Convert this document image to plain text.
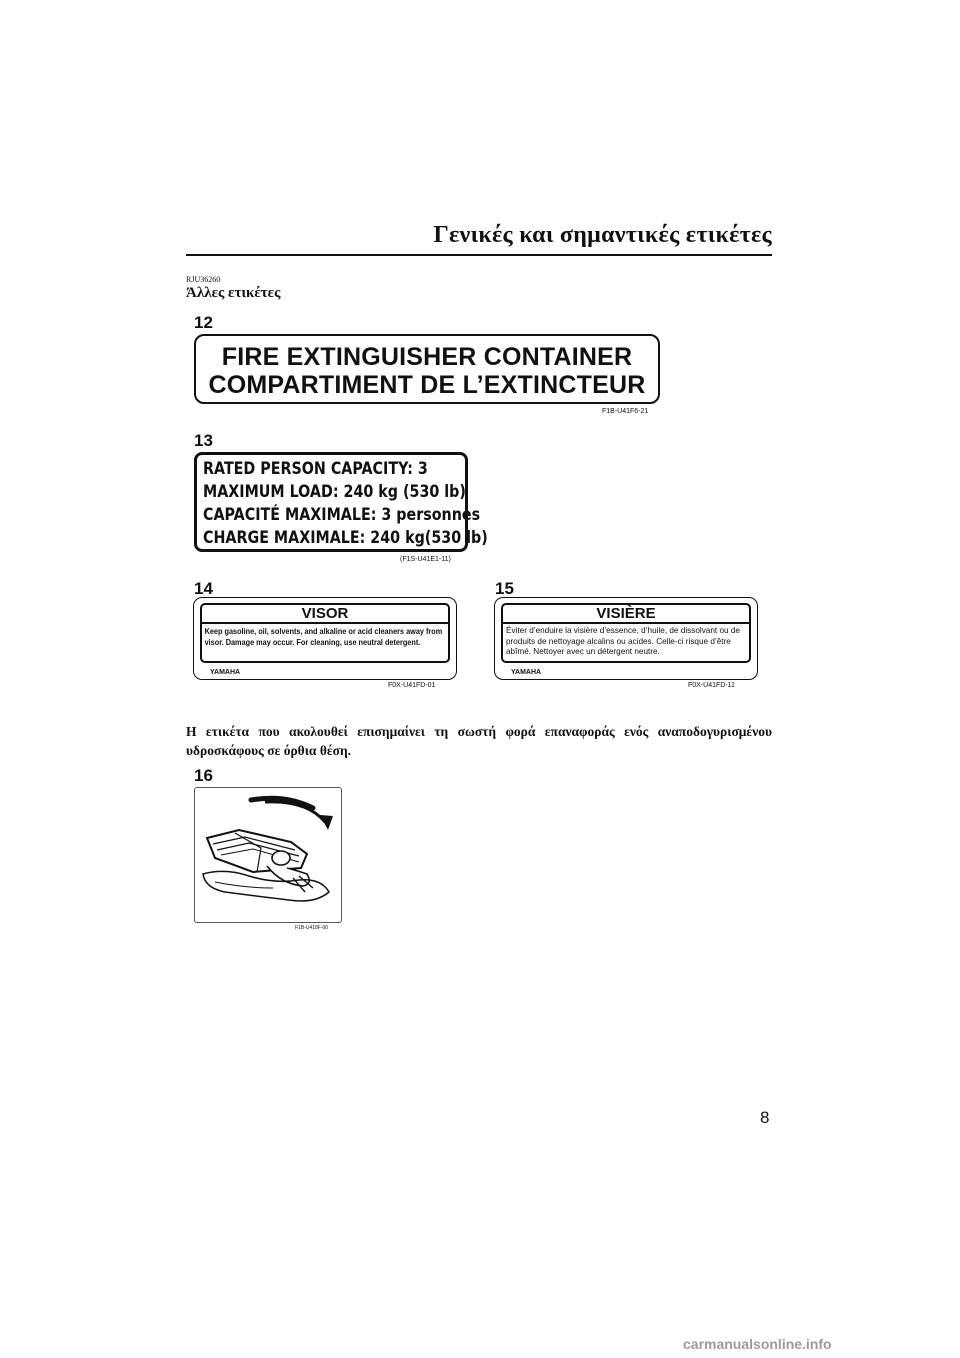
Γενικές και σημαντικές ετικέτες
RJU36260
Άλλες ετικέτες
12
FIRE EXTINGUISHER CONTAINER
COMPARTIMENT DE L’EXTINCTEUR
F1B-U41F6-21
13
RATED PERSON CAPACITY: 3
MAXIMUM LOAD: 240 kg (530 lb)
CAPACITÉ MAXIMALE: 3 personnes
CHARGE MAXIMALE: 240 kg(530 lb)
(F1S-U41E1-11)
14
VISOR
Keep gasoline, oil, solvents, and alkaline or acid cleaners away from visor. Damage may occur. For cleaning, use neutral detergent.
YAMAHA
F0X-U41FD-01
15
VISIÈRE
Éviter d’enduire la visière d’essence, d’huile, de dissolvant ou de produits de nettoyage alcalins ou acides. Celle-ci risque d’être abîmé. Nettoyer avec un détergent neutre.
YAMAHA
F0X-U41FD-11
Η ετικέτα που ακολουθεί επισημαίνει τη σωστή φορά επαναφοράς ενός αναποδογυρισμένου υδροσκάφους σε όρθια θέση.
16
F1B-U418F-00
8
carmanualsonline.info
